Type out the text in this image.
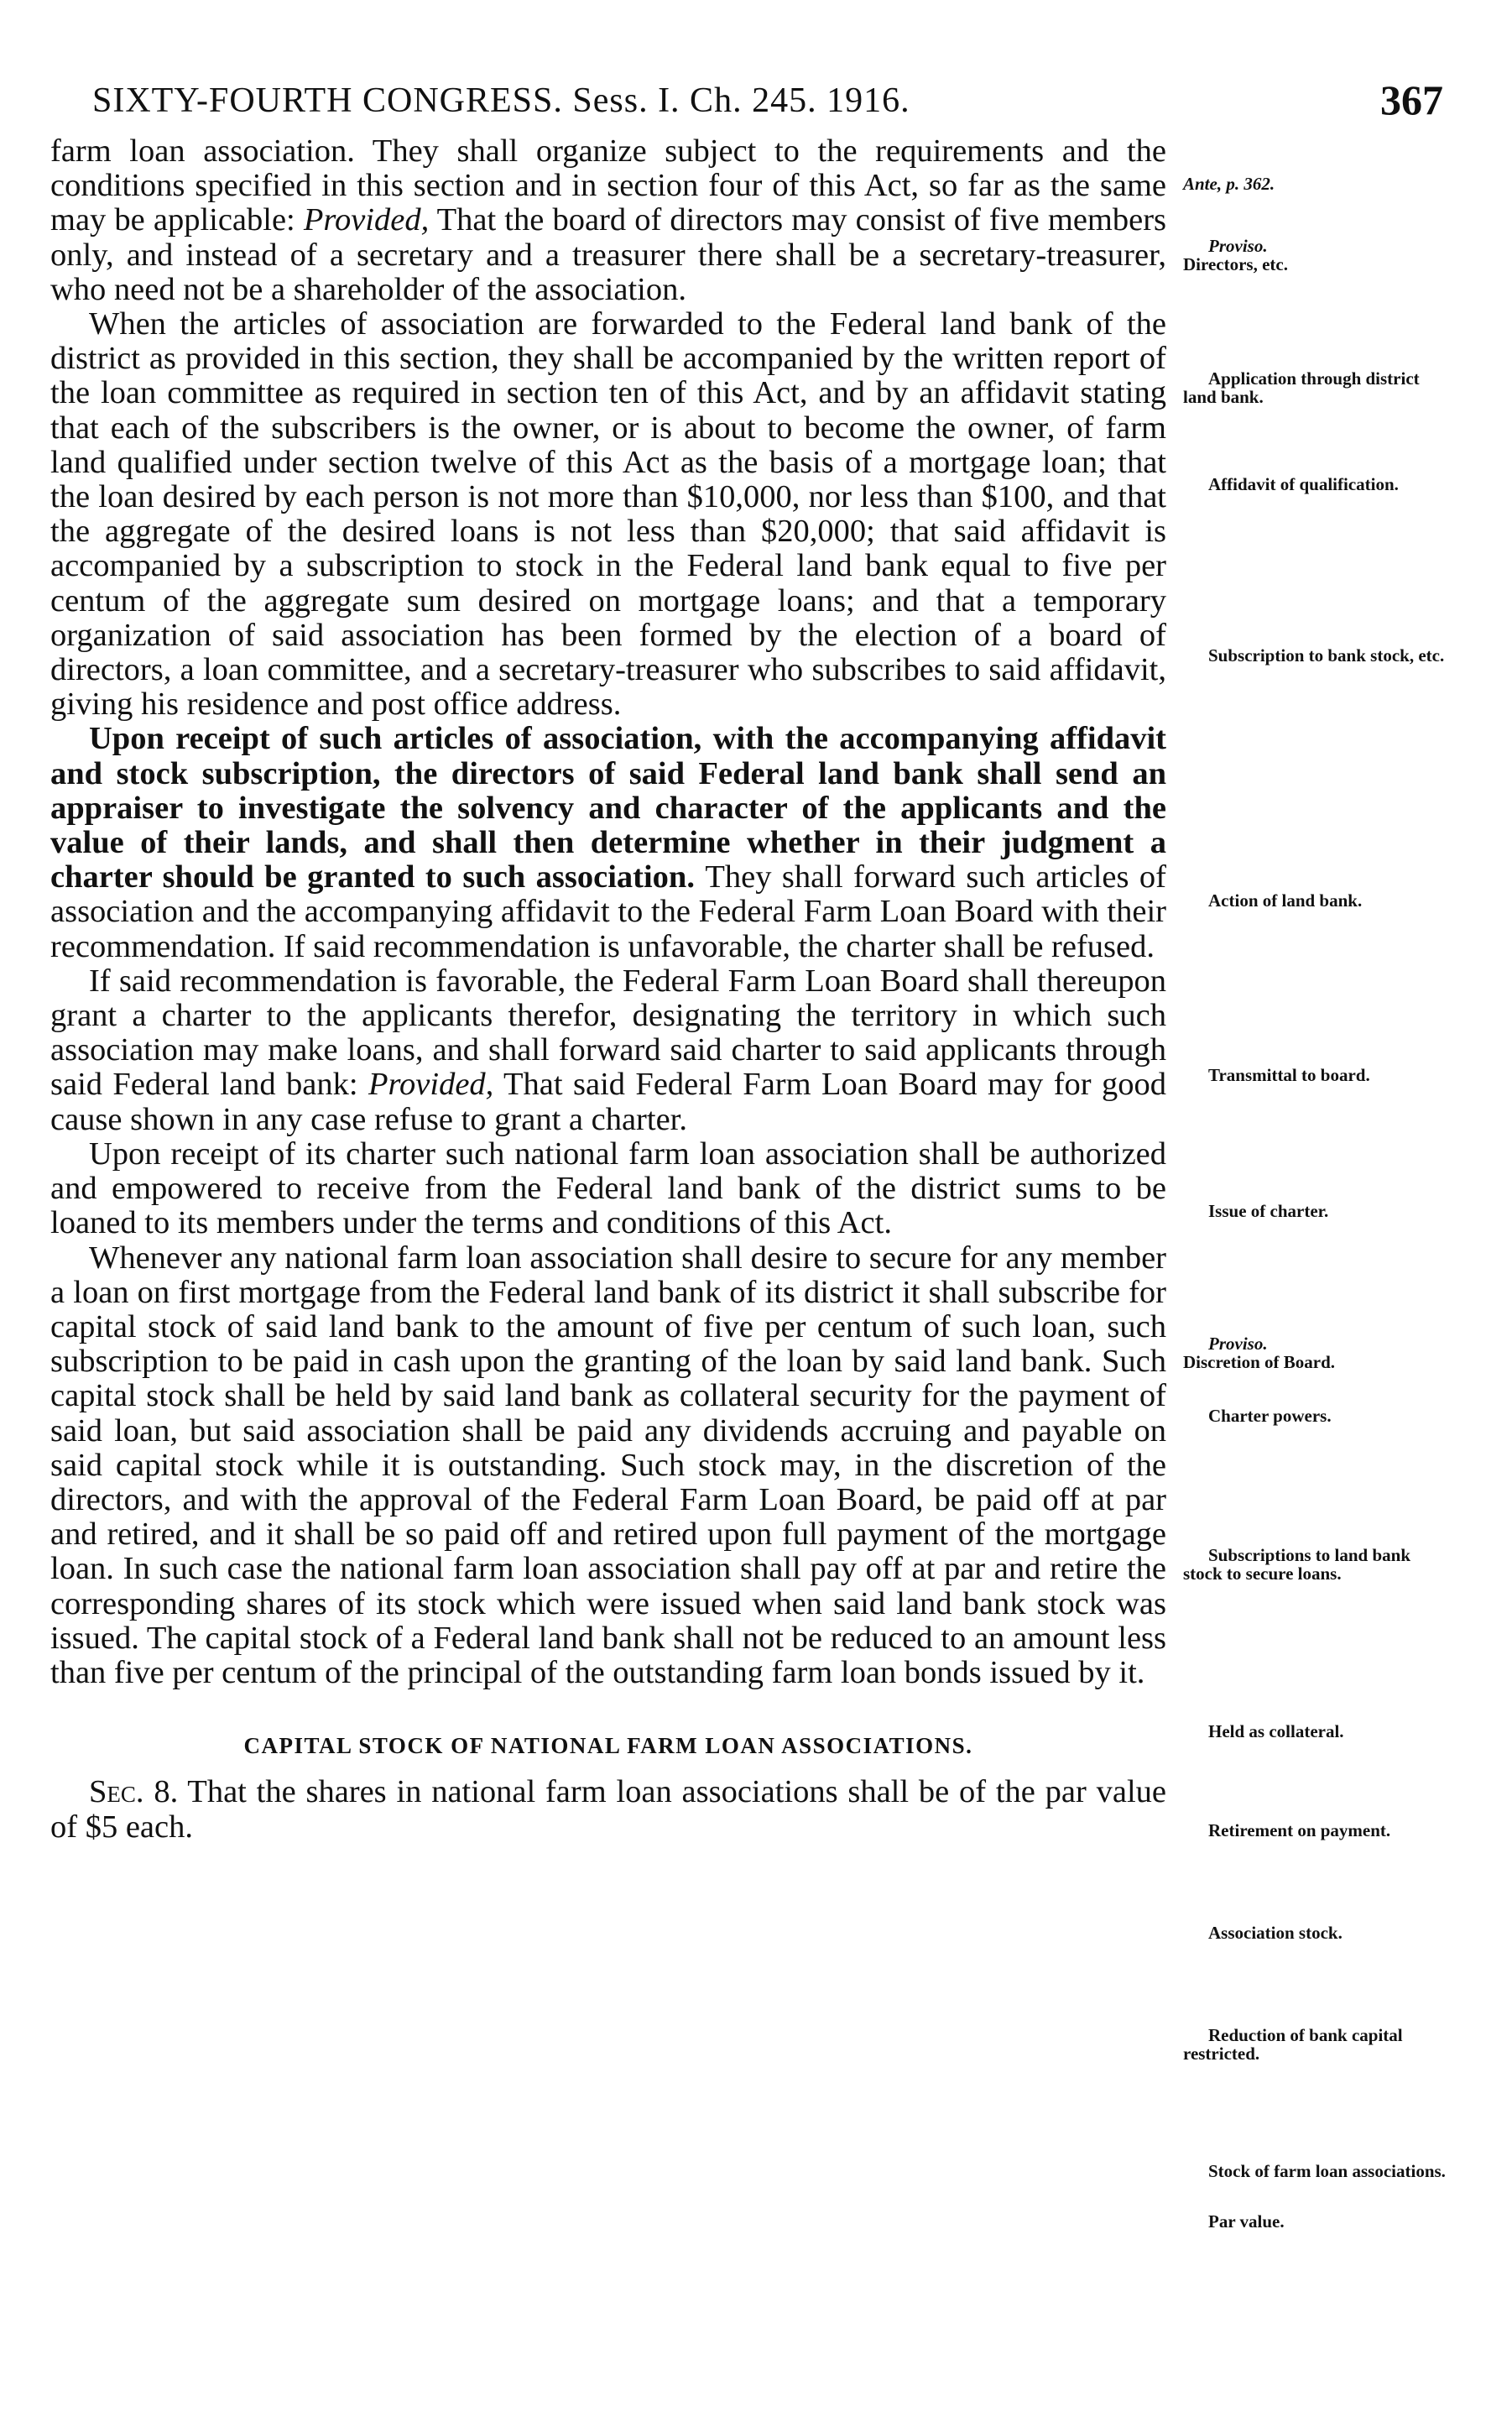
SIXTY-FOURTH CONGRESS. Sess. I. Ch. 245. 1916.	367

farm loan association. They shall organize subject to the requirements and the conditions specified in this section and in section four of this Act, so far as the same may be applicable: Provided, That the board of directors may consist of five members only, and instead of a secretary and a treasurer there shall be a secretary-treasurer, who need not be a shareholder of the association.

When the articles of association are forwarded to the Federal land bank of the district as provided in this section, they shall be accompanied by the written report of the loan committee as required in section ten of this Act, and by an affidavit stating that each of the subscribers is the owner, or is about to become the owner, of farm land qualified under section twelve of this Act as the basis of a mortgage loan; that the loan desired by each person is not more than $10,000, nor less than $100, and that the aggregate of the desired loans is not less than $20,000; that said affidavit is accompanied by a subscription to stock in the Federal land bank equal to five per centum of the aggregate sum desired on mortgage loans; and that a temporary organization of said association has been formed by the election of a board of directors, a loan committee, and a secretary-treasurer who subscribes to said affidavit, giving his residence and post office address.

Upon receipt of such articles of association, with the accompanying affidavit and stock subscription, the directors of said Federal land bank shall send an appraiser to investigate the solvency and character of the applicants and the value of their lands, and shall then determine whether in their judgment a charter should be granted to such association. They shall forward such articles of association and the accompanying affidavit to the Federal Farm Loan Board with their recommendation. If said recommendation is unfavorable, the charter shall be refused.

If said recommendation is favorable, the Federal Farm Loan Board shall thereupon grant a charter to the applicants therefor, designating the territory in which such association may make loans, and shall forward said charter to said applicants through said Federal land bank: Provided, That said Federal Farm Loan Board may for good cause shown in any case refuse to grant a charter.

Upon receipt of its charter such national farm loan association shall be authorized and empowered to receive from the Federal land bank of the district sums to be loaned to its members under the terms and conditions of this Act.

Whenever any national farm loan association shall desire to secure for any member a loan on first mortgage from the Federal land bank of its district it shall subscribe for capital stock of said land bank to the amount of five per centum of such loan, such subscription to be paid in cash upon the granting of the loan by said land bank. Such capital stock shall be held by said land bank as collateral security for the payment of said loan, but said association shall be paid any dividends accruing and payable on said capital stock while it is outstanding. Such stock may, in the discretion of the directors, and with the approval of the Federal Farm Loan Board, be paid off at par and retired, and it shall be so paid off and retired upon full payment of the mortgage loan. In such case the national farm loan association shall pay off at par and retire the corresponding shares of its stock which were issued when said land bank stock was issued. The capital stock of a Federal land bank shall not be reduced to an amount less than five per centum of the principal of the outstanding farm loan bonds issued by it.

CAPITAL STOCK OF NATIONAL FARM LOAN ASSOCIATIONS.

Sec. 8. That the shares in national farm loan associations shall be of the par value of $5 each.

Ante, p. 362.
Proviso.
Directors, etc.
Application through district land bank.
Affidavit of qualification.
Subscription to bank stock, etc.
Action of land bank.
Transmittal to board.
Issue of charter.
Proviso.
Discretion of Board.
Charter powers.
Subscriptions to land bank stock to secure loans.
Held as collateral.
Retirement on payment.
Association stock.
Reduction of bank capital restricted.
Stock of farm loan associations.
Par value.
